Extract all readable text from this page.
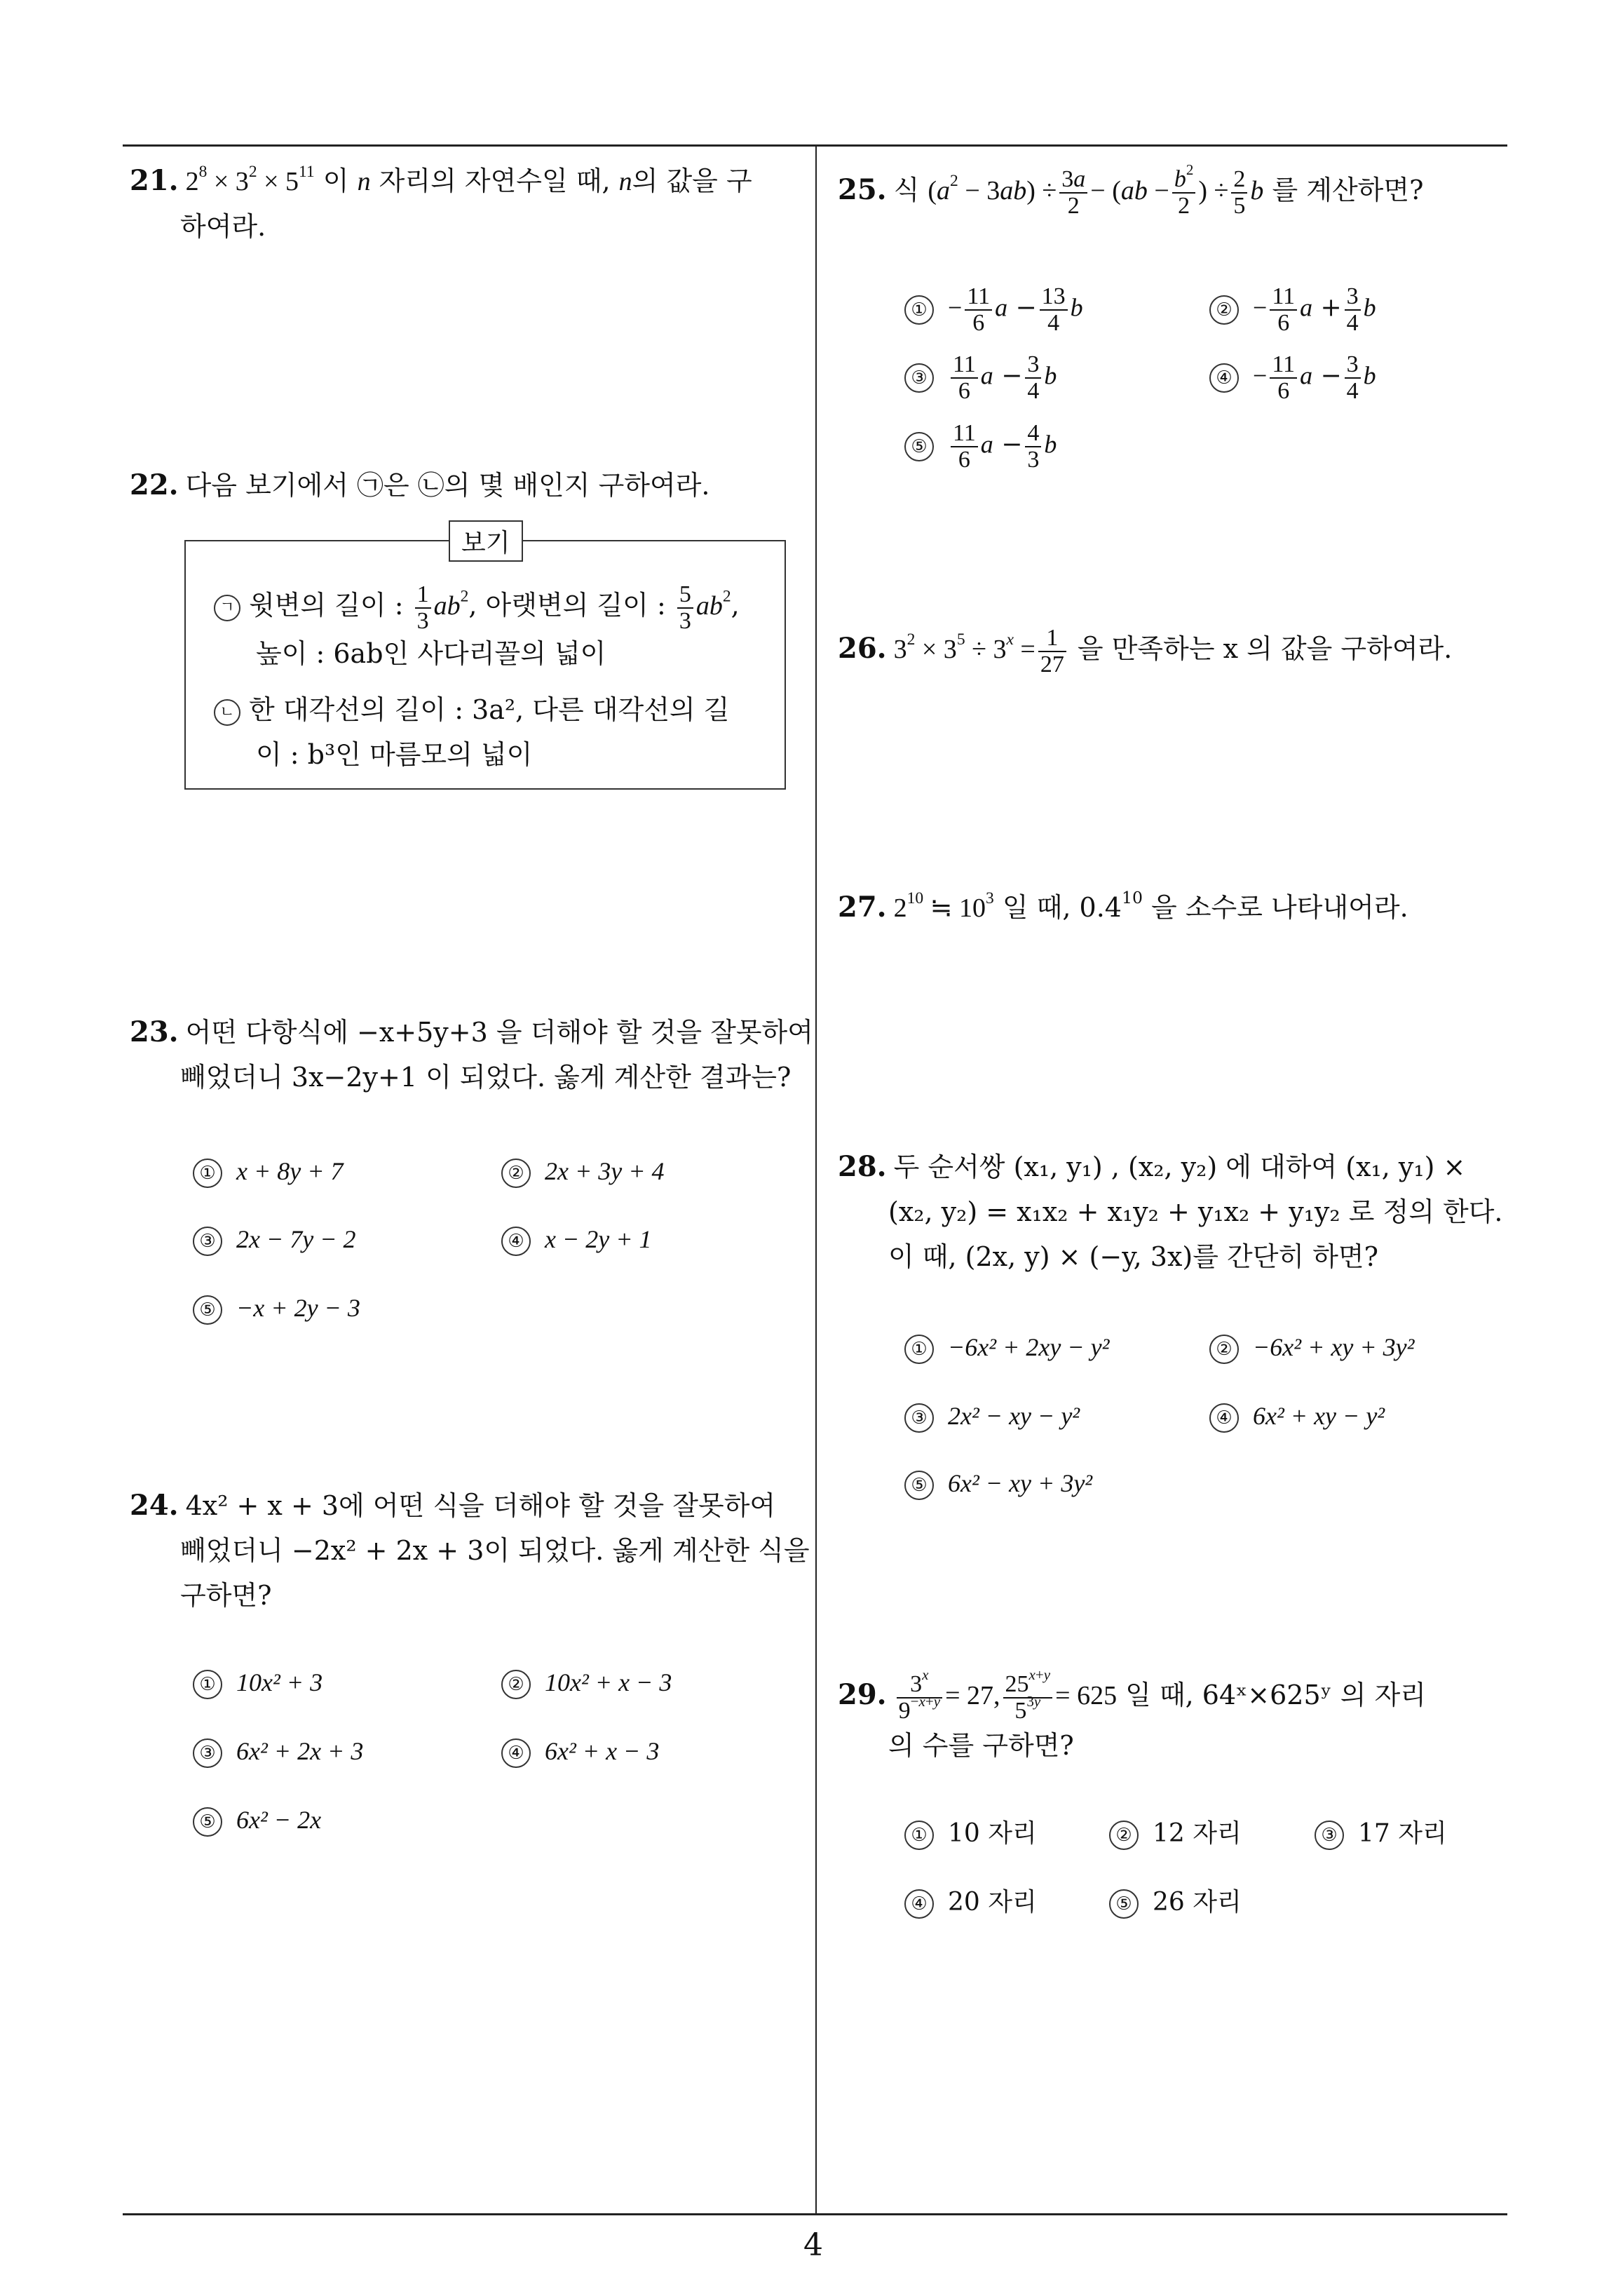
21. $2^8 \times 3^2 \times 5^{11}$ 이 n 자리의 자연수일 때, n의 값을 구
하여라.
22. 다음 보기에서 ㉠은 ㉡의 몇 배인지 구하여라.
보기
ㄱ 윗변의 길이 : $\frac{1}{3} ab^2$, 아랫변의 길이 : $\frac{5}{3} ab^2$,
높이 : 6ab인 사다리꼴의 넓이
ㄴ 한 대각선의 길이 : 3a², 다른 대각선의 길
이 : b³인 마름모의 넓이
23. 어떤 다항식에 −x+5y+3 을 더해야 할 것을 잘못하여
빼었더니 3x−2y+1 이 되었다. 옳게 계산한 결과는?
① x + 8y + 7	② 2x + 3y + 4
③ 2x − 7y − 2	④ x − 2y + 1
⑤ −x + 2y − 3
24. 4x² + x + 3에 어떤 식을 더해야 할 것을 잘못하여
빼었더니 −2x² + 2x + 3이 되었다. 옳게 계산한 식을
구하면?
① 10x² + 3	② 10x² + x − 3
③ 6x² + 2x + 3	④ 6x² + x − 3
⑤ 6x² − 2x
25. 식 $(a^2 - 3ab) \div \frac{3a}{2} - (ab - \frac{b^2}{2}$ ) ÷ $\frac{2}{5}$ b 를 계산하면?
① − $\frac{11}{6}$ $a - \frac{13}{4}$ b	② − $\frac{11}{6}$ $a + \frac{3}{4}$ b
③ $\frac{11}{6}$ $a - \frac{3}{4}$ b	④ − $\frac{11}{6}$ $a - \frac{3}{4}$ b
⑤ $\frac{11}{6}$ $a - \frac{4}{3}$ b
26. $3^2 \times 3^5 \div 3^x = \frac{1}{27}$ 을 만족하는 x 의 값을 구하여라.
27. $2^{10}$ ≒ $10^3$ 일 때, $0.4^{10}$ 을 소수로 나타내어라.
28. 두 순서쌍 (x₁, y₁) , (x₂, y₂) 에 대하여 (x₁, y₁) ×
(x₂, y₂) = x₁x₂ + x₁y₂ + y₁x₂ + y₁y₂ 로 정의 한다.
이 때, (2x, y) × (−y, 3x)를 간단히 하면?
① −6x² + 2xy − y²	② −6x² + xy + 3y²
③ 2x² − xy − y²	④ 6x² + xy − y²
⑤ 6x² − xy + 3y²
29. $\frac{3^x}{9^{-x+y}} = 27$, $\frac{25^{x+y}}{5^{3y}} = 625$ 일 때, 64ˣ×625ʸ 의 자리
의 수를 구하면?
① 10 자리	② 12 자리	③ 17 자리
④ 20 자리	⑤ 26 자리
4
